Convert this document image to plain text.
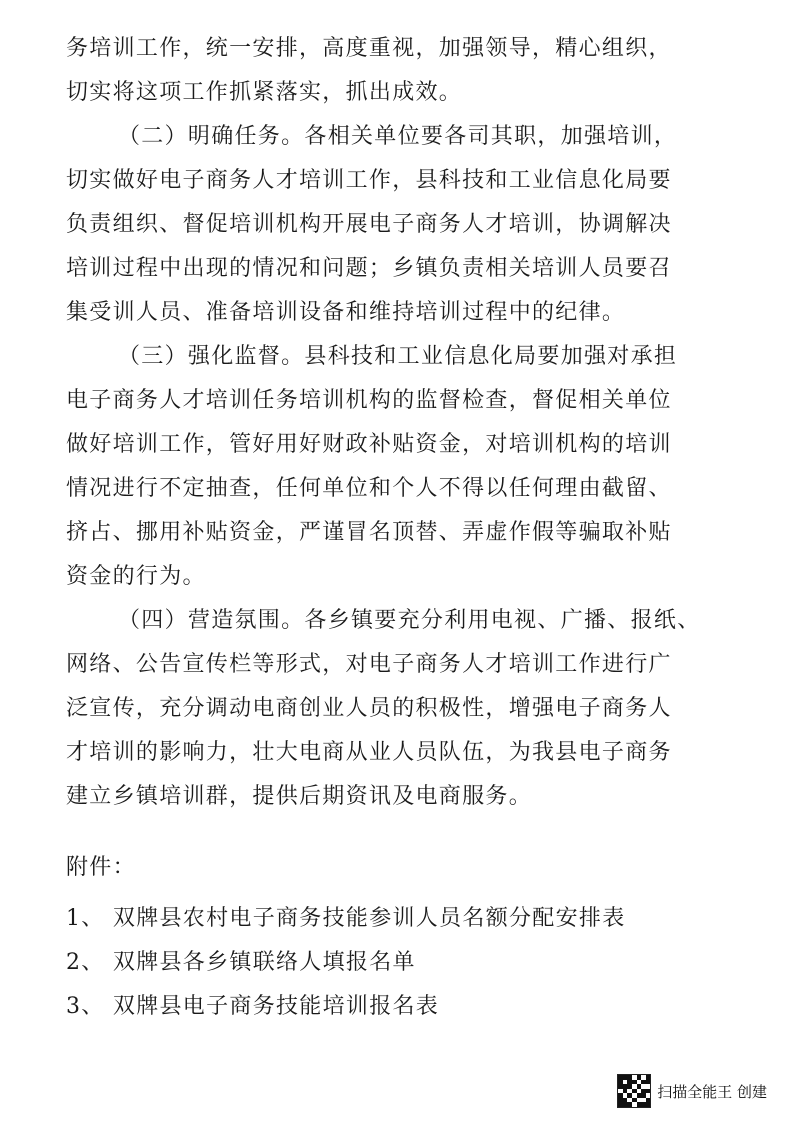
务培训工作，统一安排，高度重视，加强领导，精心组织，
切实将这项工作抓紧落实，抓出成效。
（二）明确任务。各相关单位要各司其职，加强培训，
切实做好电子商务人才培训工作，县科技和工业信息化局要
负责组织、督促培训机构开展电子商务人才培训，协调解决
培训过程中出现的情况和问题；乡镇负责相关培训人员要召
集受训人员、准备培训设备和维持培训过程中的纪律。
（三）强化监督。县科技和工业信息化局要加强对承担
电子商务人才培训任务培训机构的监督检查，督促相关单位
做好培训工作，管好用好财政补贴资金，对培训机构的培训
情况进行不定抽查，任何单位和个人不得以任何理由截留、
挤占、挪用补贴资金，严谨冒名顶替、弄虚作假等骗取补贴
资金的行为。
（四）营造氛围。各乡镇要充分利用电视、广播、报纸、
网络、公告宣传栏等形式，对电子商务人才培训工作进行广
泛宣传，充分调动电商创业人员的积极性，增强电子商务人
才培训的影响力，壮大电商从业人员队伍，为我县电子商务
建立乡镇培训群，提供后期资讯及电商服务。
附件：
1、 双牌县农村电子商务技能参训人员名额分配安排表
2、 双牌县各乡镇联络人填报名单
3、 双牌县电子商务技能培训报名表
扫描全能王 创建
